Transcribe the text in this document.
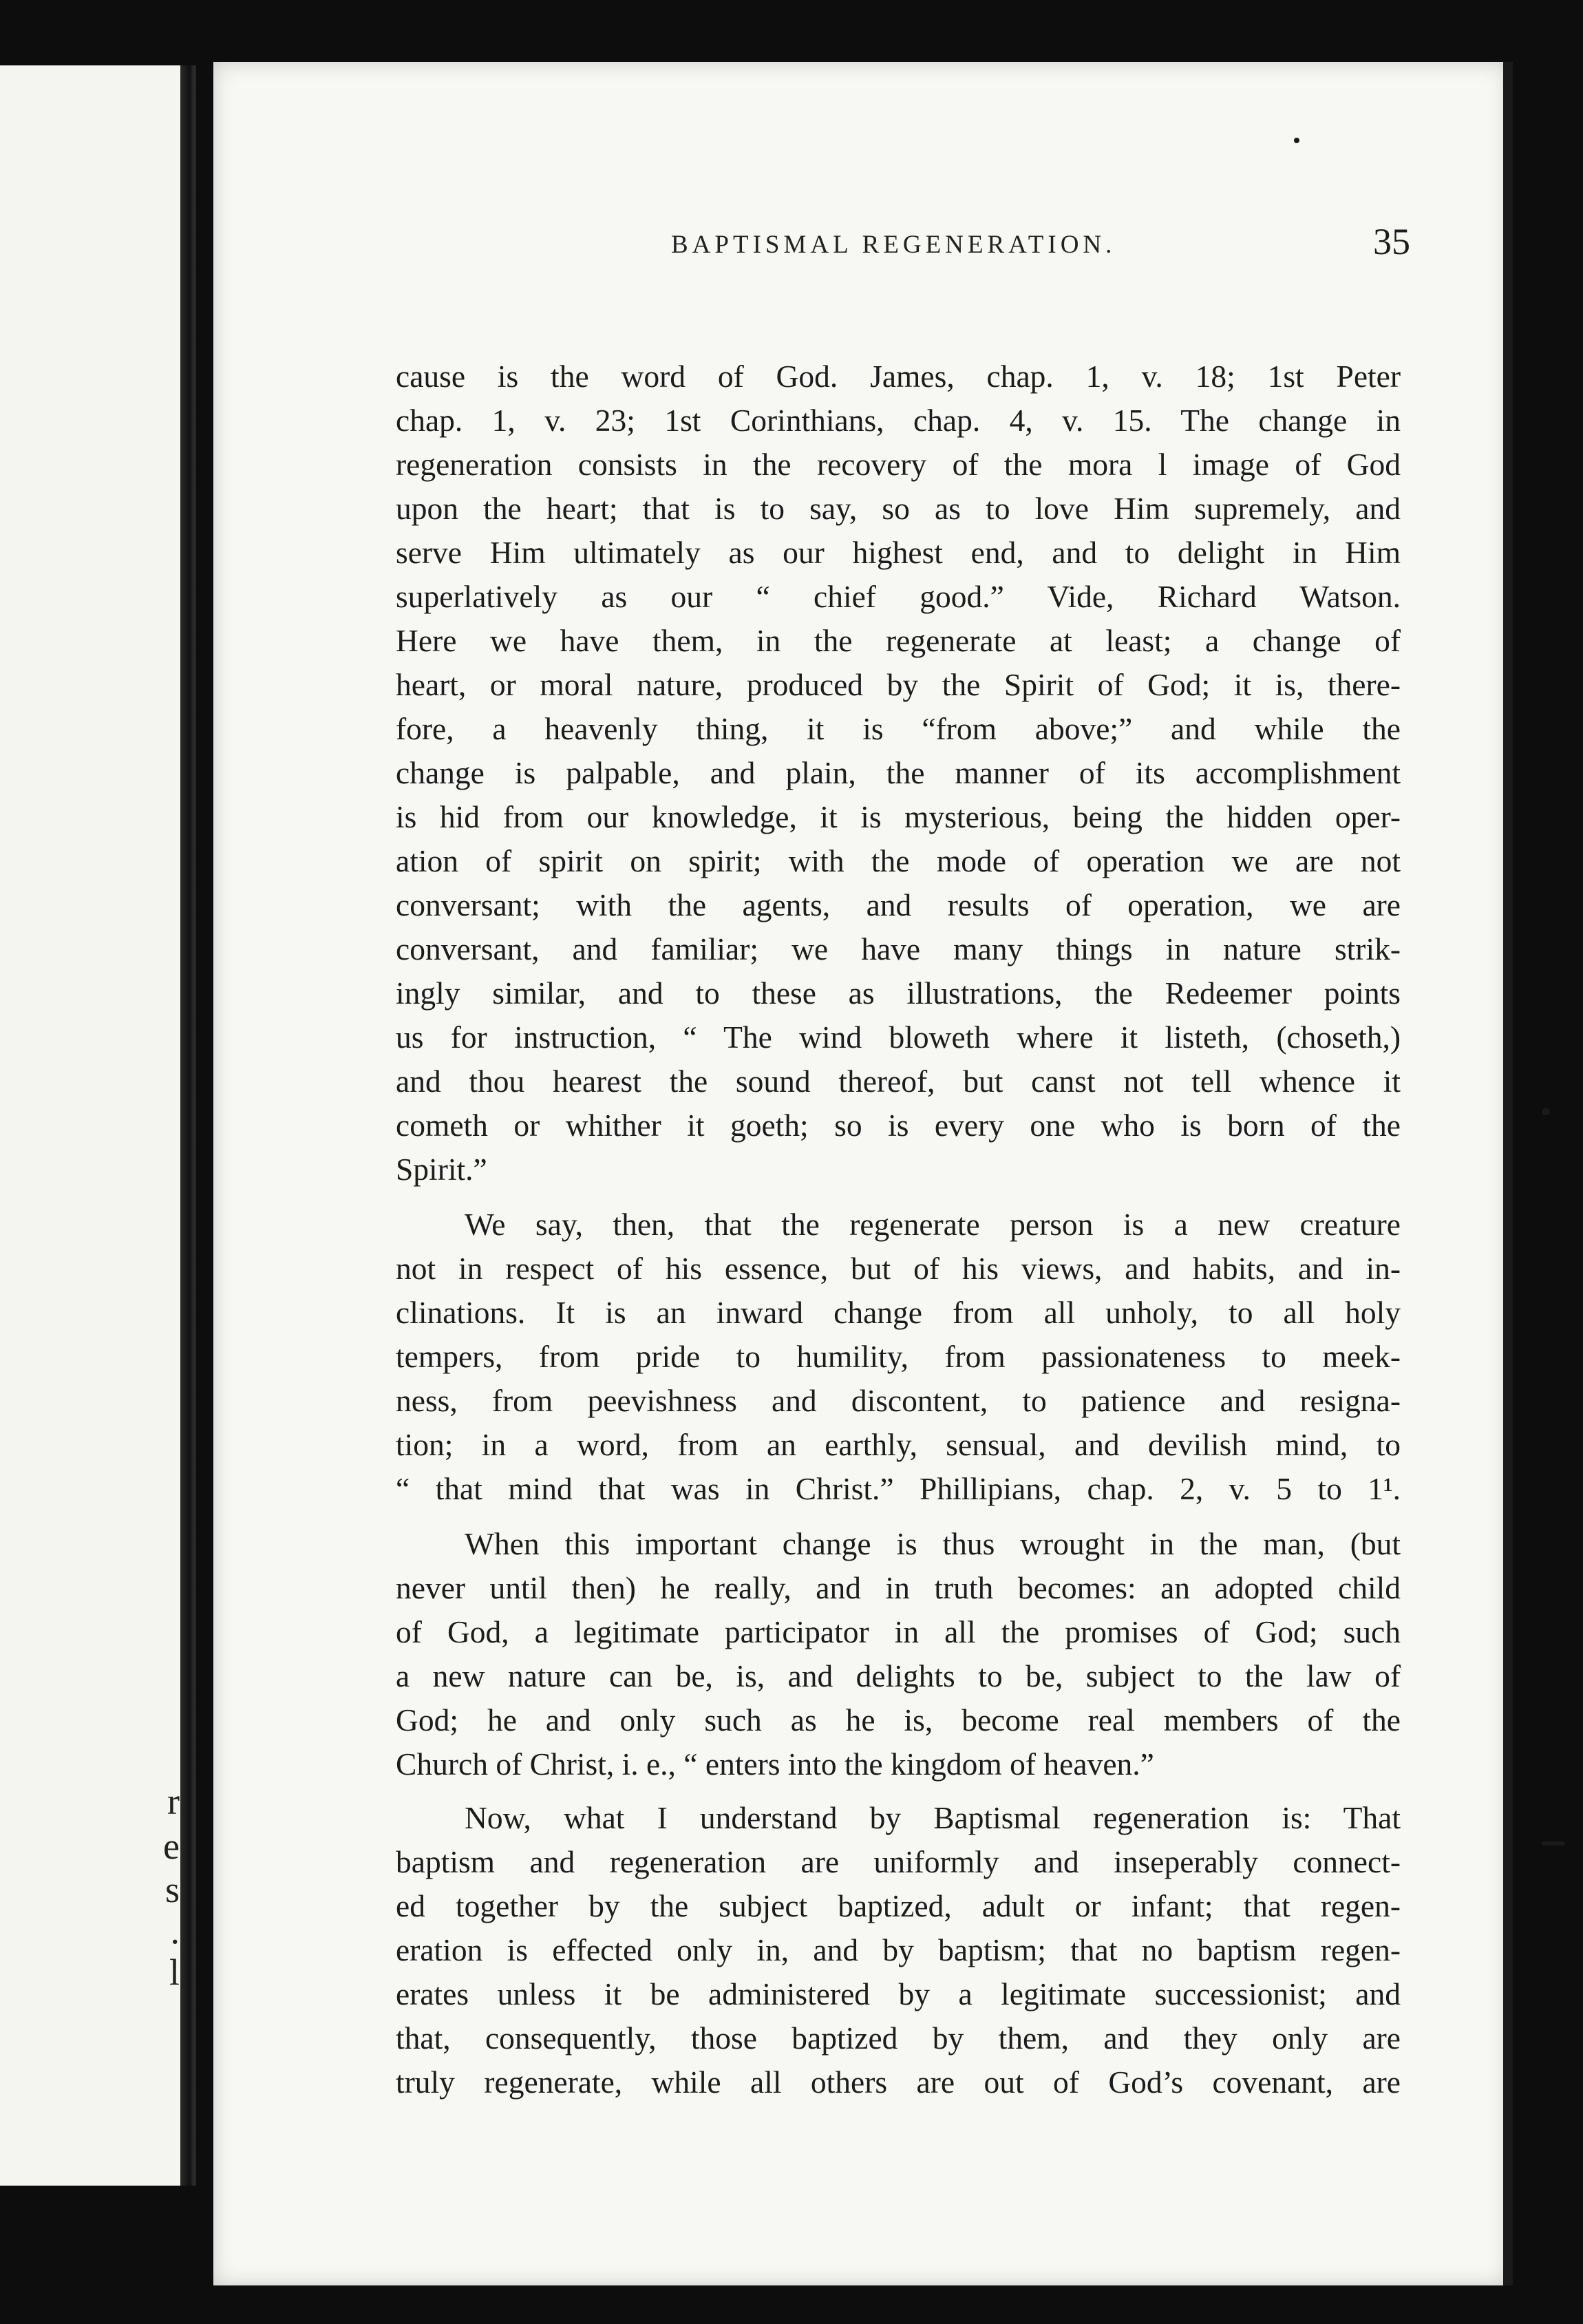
r
e
s
.
l
BAPTISMAL REGENERATION.	35
cause is the word of God. James, chap. 1, v. 18; 1st Peter
chap. 1, v. 23; 1st Corinthians, chap. 4, v. 15. The change in
regeneration consists in the recovery of the mora l image of God
upon the heart; that is to say, so as to love Him supremely, and
serve Him ultimately as our highest end, and to delight in Him
superlatively as our “ chief good.” Vide, Richard Watson.
Here we have them, in the regenerate at least; a change of
heart, or moral nature, produced by the Spirit of God; it is, there-
fore, a heavenly thing, it is “from above;” and while the
change is palpable, and plain, the manner of its accomplishment
is hid from our knowledge, it is mysterious, being the hidden oper-
ation of spirit on spirit; with the mode of operation we are not
conversant; with the agents, and results of operation, we are
conversant, and familiar; we have many things in nature strik-
ingly similar, and to these as illustrations, the Redeemer points
us for instruction, “ The wind bloweth where it listeth, (choseth,)
and thou hearest the sound thereof, but canst not tell whence it
cometh or whither it goeth; so is every one who is born of the
Spirit.”
We say, then, that the regenerate person is a new creature
not in respect of his essence, but of his views, and habits, and in-
clinations. It is an inward change from all unholy, to all holy
tempers, from pride to humility, from passionateness to meek-
ness, from peevishness and discontent, to patience and resigna-
tion; in a word, from an earthly, sensual, and devilish mind, to
“ that mind that was in Christ.” Phillipians, chap. 2, v. 5 to 1¹.
When this important change is thus wrought in the man, (but
never until then) he really, and in truth becomes: an adopted child
of God, a legitimate participator in all the promises of God; such
a new nature can be, is, and delights to be, subject to the law of
God; he and only such as he is, become real members of the
Church of Christ, i. e., “ enters into the kingdom of heaven.”
Now, what I understand by Baptismal regeneration is: That
baptism and regeneration are uniformly and inseperably connect-
ed together by the subject baptized, adult or infant; that regen-
eration is effected only in, and by baptism; that no baptism regen-
erates unless it be administered by a legitimate successionist; and
that, consequently, those baptized by them, and they only are
truly regenerate, while all others are out of God’s covenant, are
